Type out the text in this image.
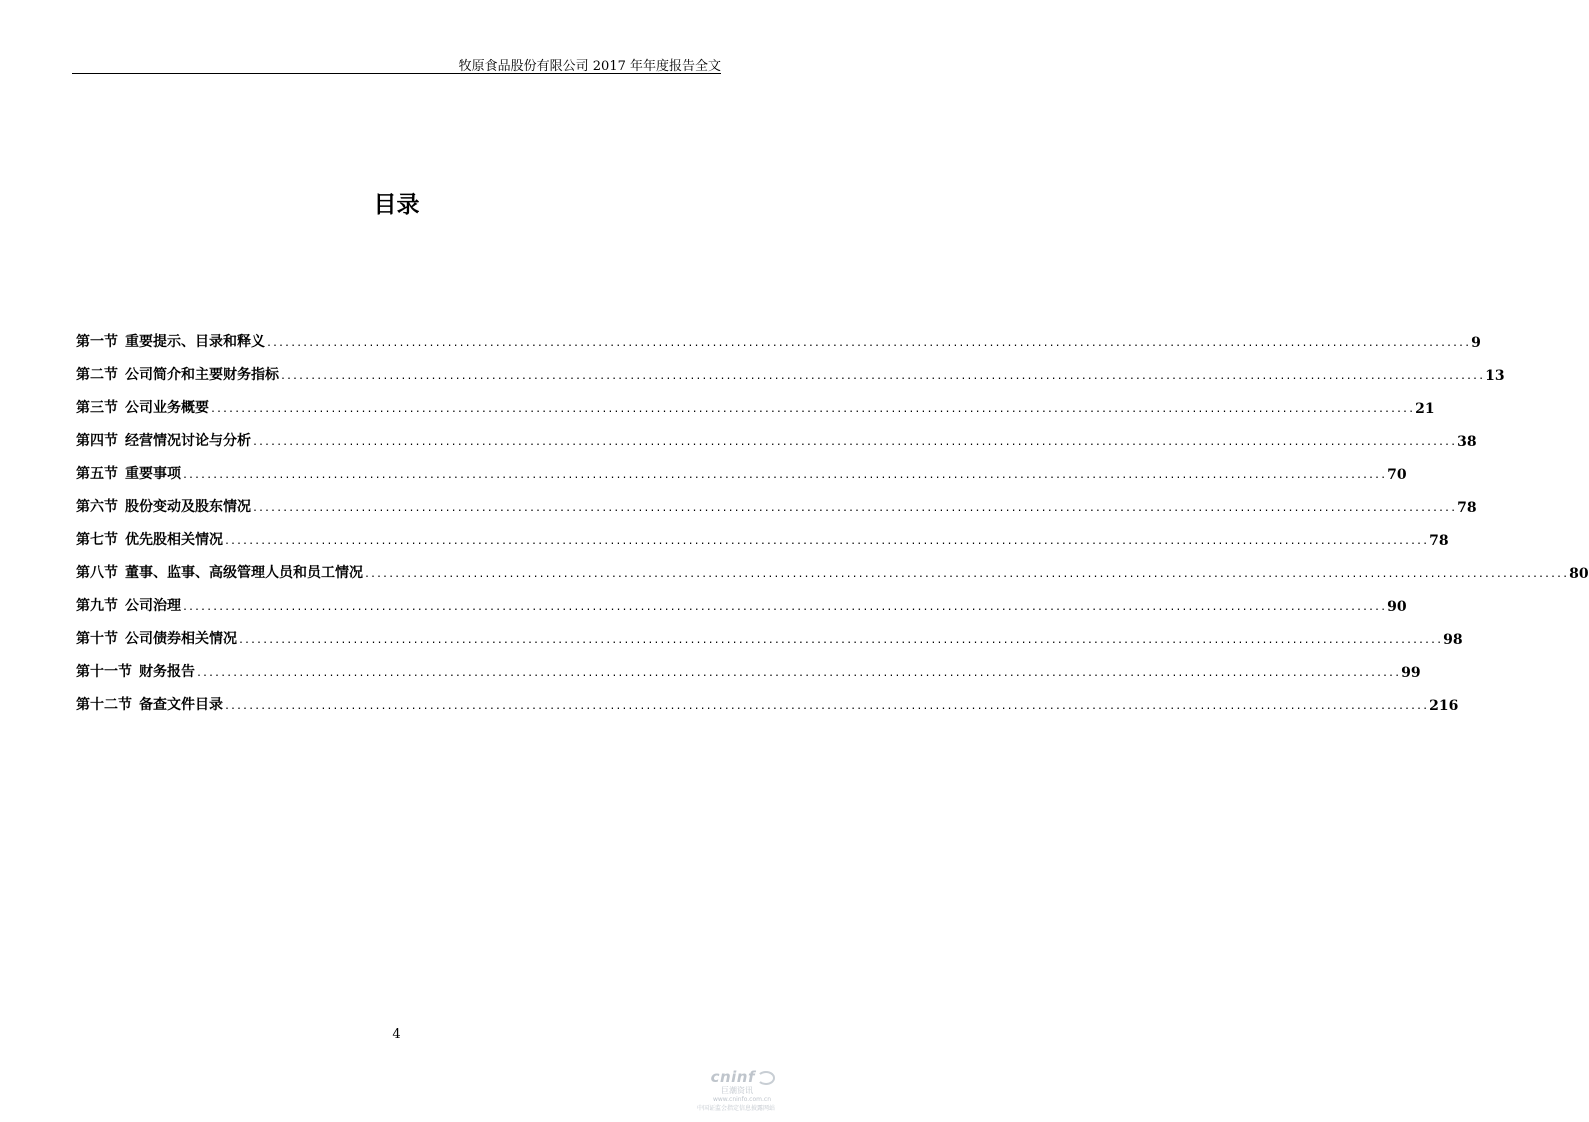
牧原食品股份有限公司 2017 年年度报告全文
目录
第一节 重要提示、目录和释义 ........................................................................................................................................................................................................ 9
第二节 公司简介和主要财务指标 ........................................................................................................................................................................................................ 13
第三节 公司业务概要 ........................................................................................................................................................................................................ 21
第四节 经营情况讨论与分析 ........................................................................................................................................................................................................ 38
第五节 重要事项 ........................................................................................................................................................................................................ 70
第六节 股份变动及股东情况 ........................................................................................................................................................................................................ 78
第七节 优先股相关情况 ........................................................................................................................................................................................................ 78
第八节 董事、监事、高级管理人员和员工情况 ........................................................................................................................................................................................................ 80
第九节 公司治理 ........................................................................................................................................................................................................ 90
第十节 公司债券相关情况 ........................................................................................................................................................................................................ 98
第十一节 财务报告 ........................................................................................................................................................................................................ 99
第十二节 备查文件目录 ........................................................................................................................................................................................................ 216
4
cninf
巨潮资讯
www.cninfo.com.cn
中国证监会指定信息披露网站
